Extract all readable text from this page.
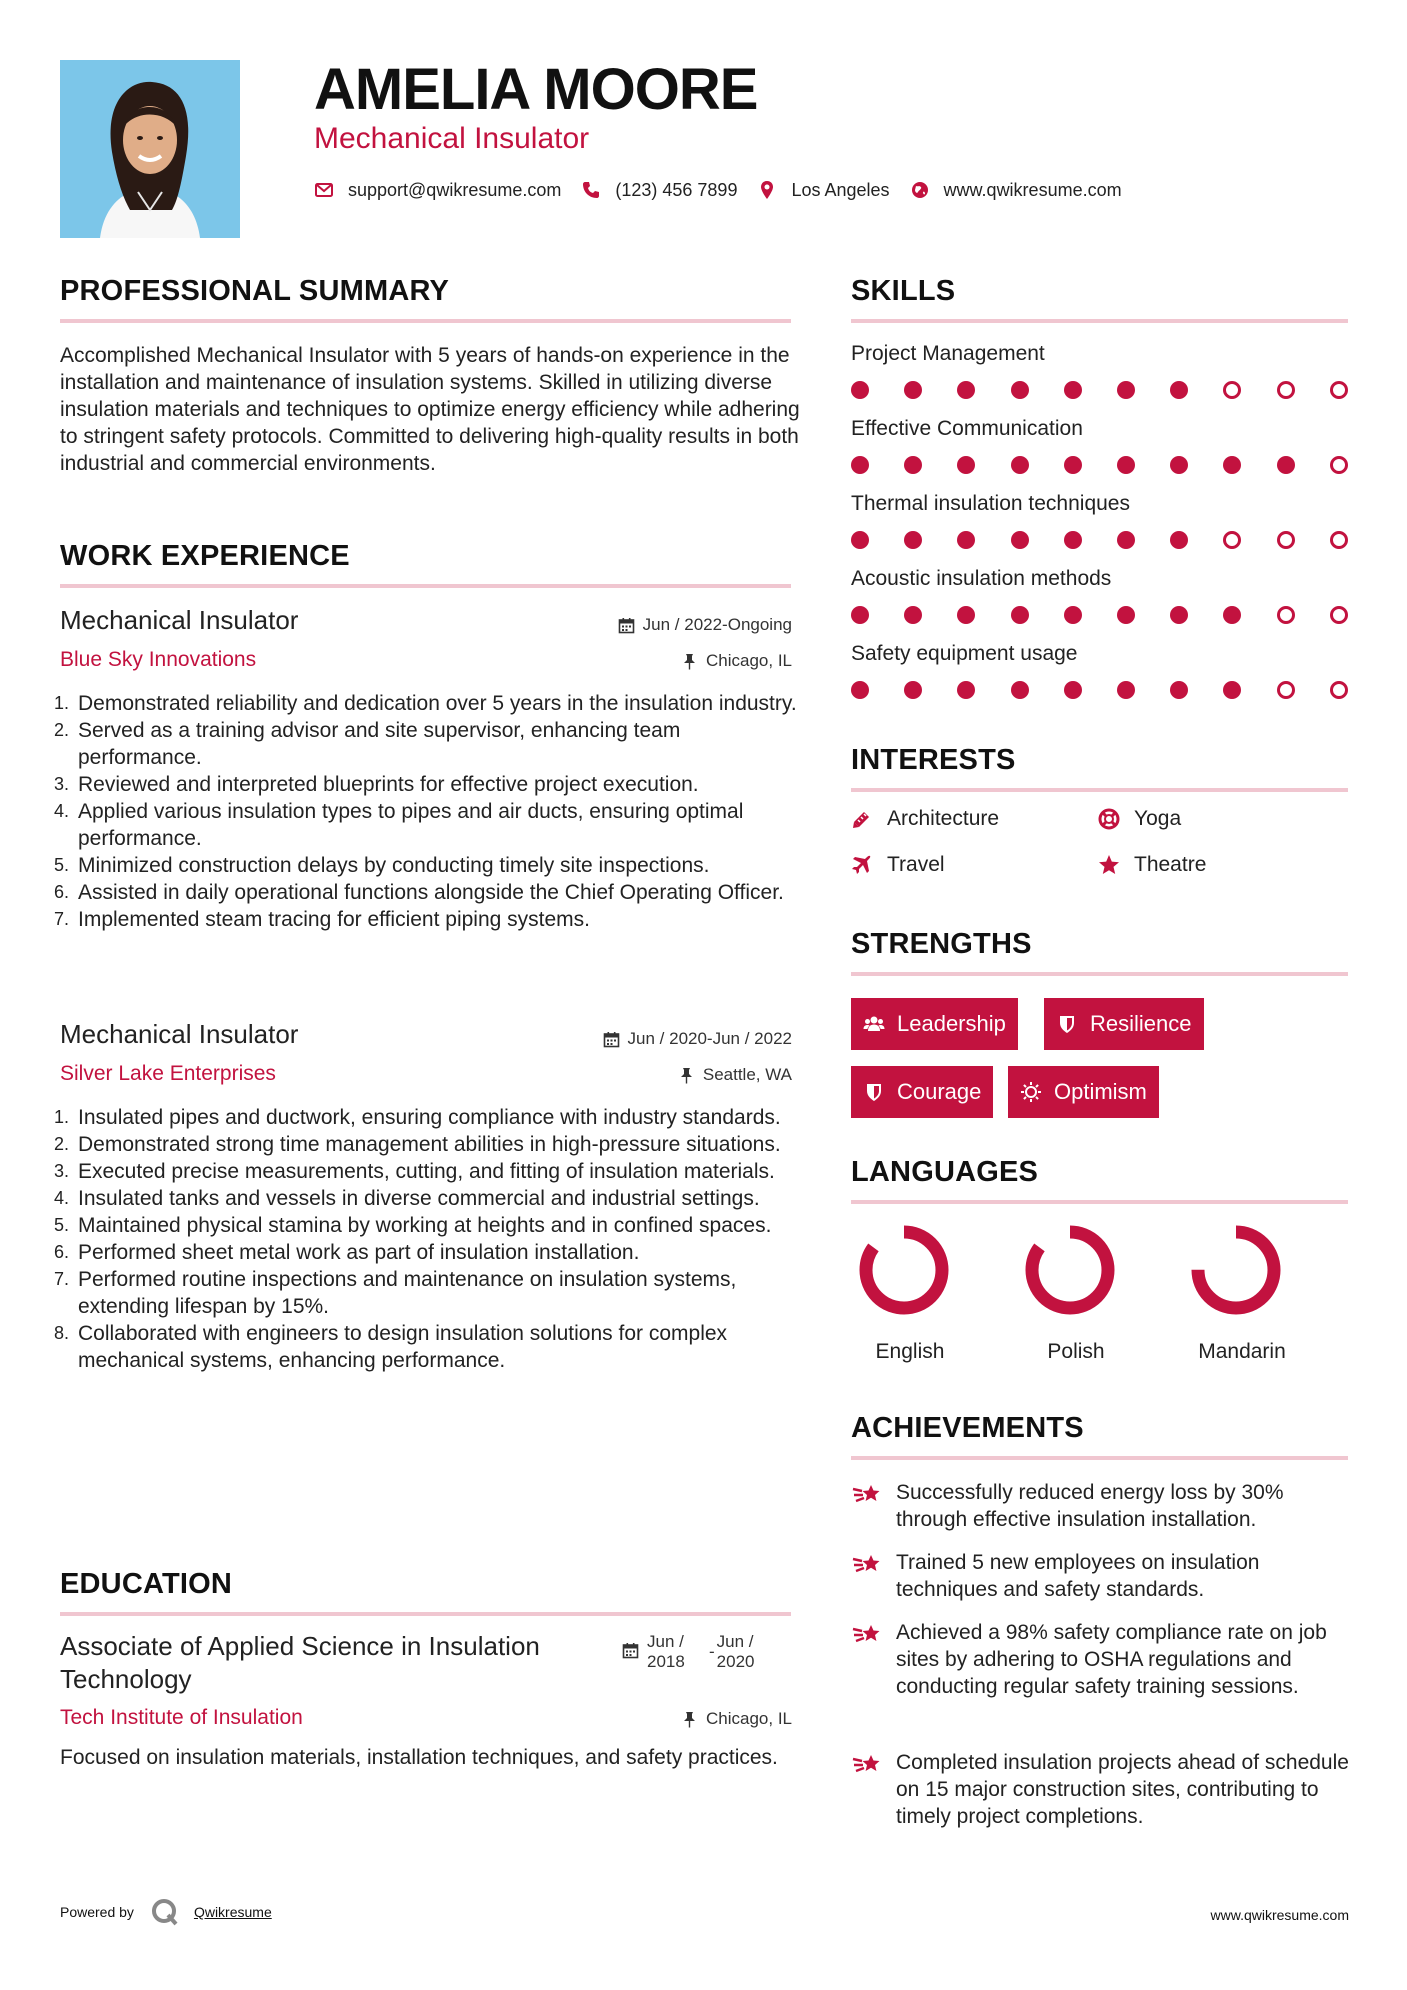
AMELIA MOORE
Mechanical Insulator
support@qwikresume.com	(123) 456 7899	Los Angeles	www.qwikresume.com
PROFESSIONAL SUMMARY
Accomplished Mechanical Insulator with 5 years of hands-on experience in the installation and maintenance of insulation systems. Skilled in utilizing diverse insulation materials and techniques to optimize energy efficiency while adhering to stringent safety protocols. Committed to delivering high-quality results in both industrial and commercial environments.
WORK EXPERIENCE
Mechanical Insulator	Jun / 2022-Ongoing
Blue Sky Innovations	Chicago, IL
1. Demonstrated reliability and dedication over 5 years in the insulation industry.
2. Served as a training advisor and site supervisor, enhancing team performance.
3. Reviewed and interpreted blueprints for effective project execution.
4. Applied various insulation types to pipes and air ducts, ensuring optimal performance.
5. Minimized construction delays by conducting timely site inspections.
6. Assisted in daily operational functions alongside the Chief Operating Officer.
7. Implemented steam tracing for efficient piping systems.
Mechanical Insulator	Jun / 2020-Jun / 2022
Silver Lake Enterprises	Seattle, WA
1. Insulated pipes and ductwork, ensuring compliance with industry standards.
2. Demonstrated strong time management abilities in high-pressure situations.
3. Executed precise measurements, cutting, and fitting of insulation materials.
4. Insulated tanks and vessels in diverse commercial and industrial settings.
5. Maintained physical stamina by working at heights and in confined spaces.
6. Performed sheet metal work as part of insulation installation.
7. Performed routine inspections and maintenance on insulation systems, extending lifespan by 15%.
8. Collaborated with engineers to design insulation solutions for complex mechanical systems, enhancing performance.
EDUCATION
Associate of Applied Science in Insulation Technology
Jun / 2018
-
Jun / 2020
Tech Institute of Insulation	Chicago, IL
Focused on insulation materials, installation techniques, and safety practices.
SKILLS
Project Management
Effective Communication
Thermal insulation techniques
Acoustic insulation methods
Safety equipment usage
INTERESTS
Architecture	Yoga
Travel	Theatre
STRENGTHS
Leadership	Resilience
Courage	Optimism
LANGUAGES
English	Polish	Mandarin
ACHIEVEMENTS
Successfully reduced energy loss by 30% through effective insulation installation.
Trained 5 new employees on insulation techniques and safety standards.
Achieved a 98% safety compliance rate on job sites by adhering to OSHA regulations and conducting regular safety training sessions.
Completed insulation projects ahead of schedule on 15 major construction sites, contributing to timely project completions.
Powered by	Qwikresume	www.qwikresume.com
